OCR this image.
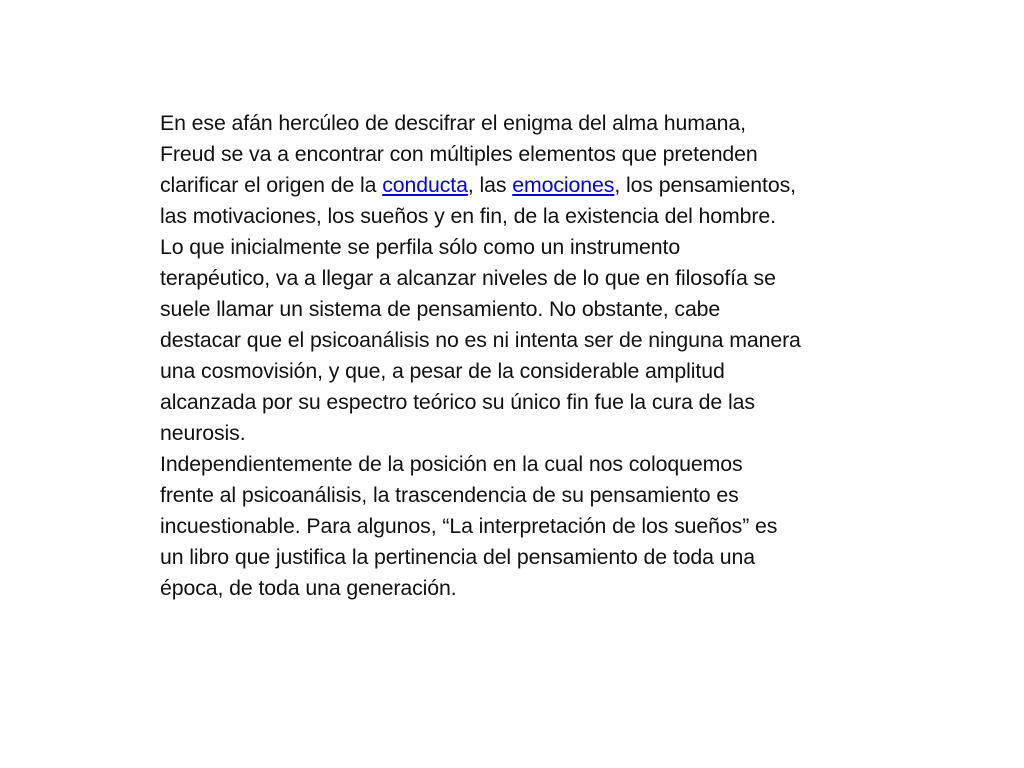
En ese afán hercúleo de descifrar el enigma del alma humana,
Freud se va a encontrar con múltiples elementos que pretenden
clarificar el origen de la conducta, las emociones, los pensamientos,
las motivaciones, los sueños y en fin, de la existencia del hombre.
Lo que inicialmente se perfila sólo como un instrumento
terapéutico, va a llegar a alcanzar niveles de lo que en filosofía se
suele llamar un sistema de pensamiento. No obstante, cabe
destacar que el psicoanálisis no es ni intenta ser de ninguna manera
una cosmovisión, y que, a pesar de la considerable amplitud
alcanzada por su espectro teórico su único fin fue la cura de las
neurosis.
Independientemente de la posición en la cual nos coloquemos
frente al psicoanálisis, la trascendencia de su pensamiento es
incuestionable. Para algunos, “La interpretación de los sueños” es
un libro que justifica la pertinencia del pensamiento de toda una
época, de toda una generación.
